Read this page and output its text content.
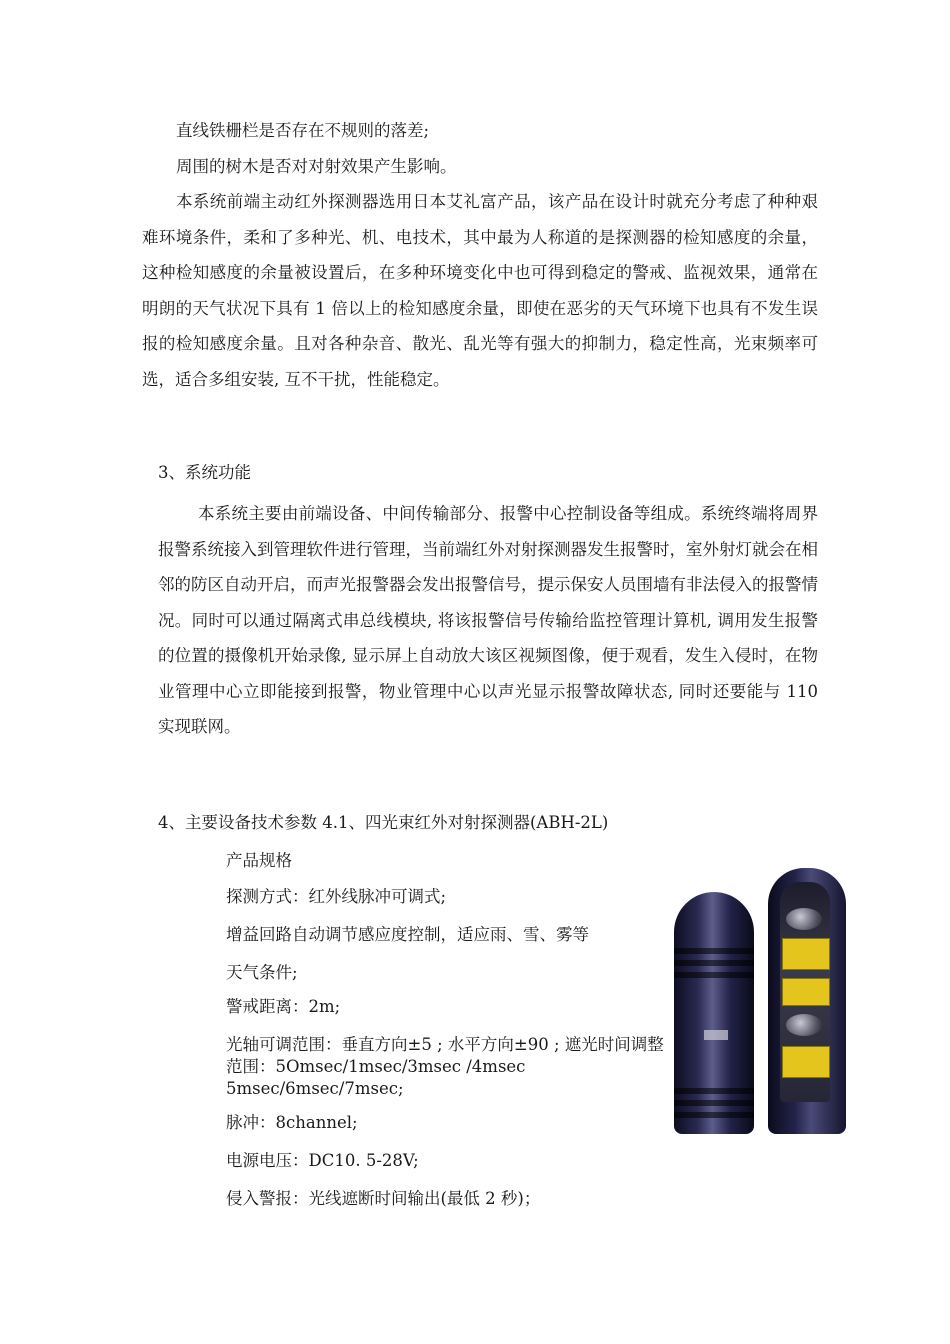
直线铁栅栏是否存在不规则的落差;
周围的树木是否对对射效果产生影响。
本系统前端主动红外探测器选用日本艾礼富产品，该产品在设计时就充分考虑了种种艰难环境条件，柔和了多种光、机、电技术，其中最为人称道的是探测器的检知感度的余量，这种检知感度的余量被设置后，在多种环境变化中也可得到稳定的警戒、监视效果，通常在明朗的天气状况下具有 1 倍以上的检知感度余量，即使在恶劣的天气环境下也具有不发生误报的检知感度余量。且对各种杂音、散光、乱光等有强大的抑制力，稳定性高，光束频率可选，适合多组安装, 互不干扰，性能稳定。
3、系统功能
本系统主要由前端设备、中间传输部分、报警中心控制设备等组成。系统终端将周界报警系统接入到管理软件进行管理，当前端红外对射探测器发生报警时，室外射灯就会在相邻的防区自动开启，而声光报警器会发出报警信号，提示保安人员围墙有非法侵入的报警情况。同时可以通过隔离式串总线模块, 将该报警信号传输给监控管理计算机, 调用发生报警的位置的摄像机开始录像, 显示屏上自动放大该区视频图像，便于观看，发生入侵时，在物业管理中心立即能接到报警，物业管理中心以声光显示报警故障状态, 同时还要能与 110 实现联网。
4、主要设备技术参数 4.1、四光束红外对射探测器(ABH-2L)
产品规格
探测方式：红外线脉冲可调式;
增益回路自动调节感应度控制，适应雨、雪、雾等
天气条件;
警戒距离：2m;
光轴可调范围：垂直方向±5 ; 水平方向±90 ; 遮光时间调整范围：5Omsec/1msec/3msec /4msec 5msec/6msec/7msec;
脉冲：8channel;
电源电压：DC10. 5-28V;
侵入警报：光线遮断时间输出(最低 2 秒)；
